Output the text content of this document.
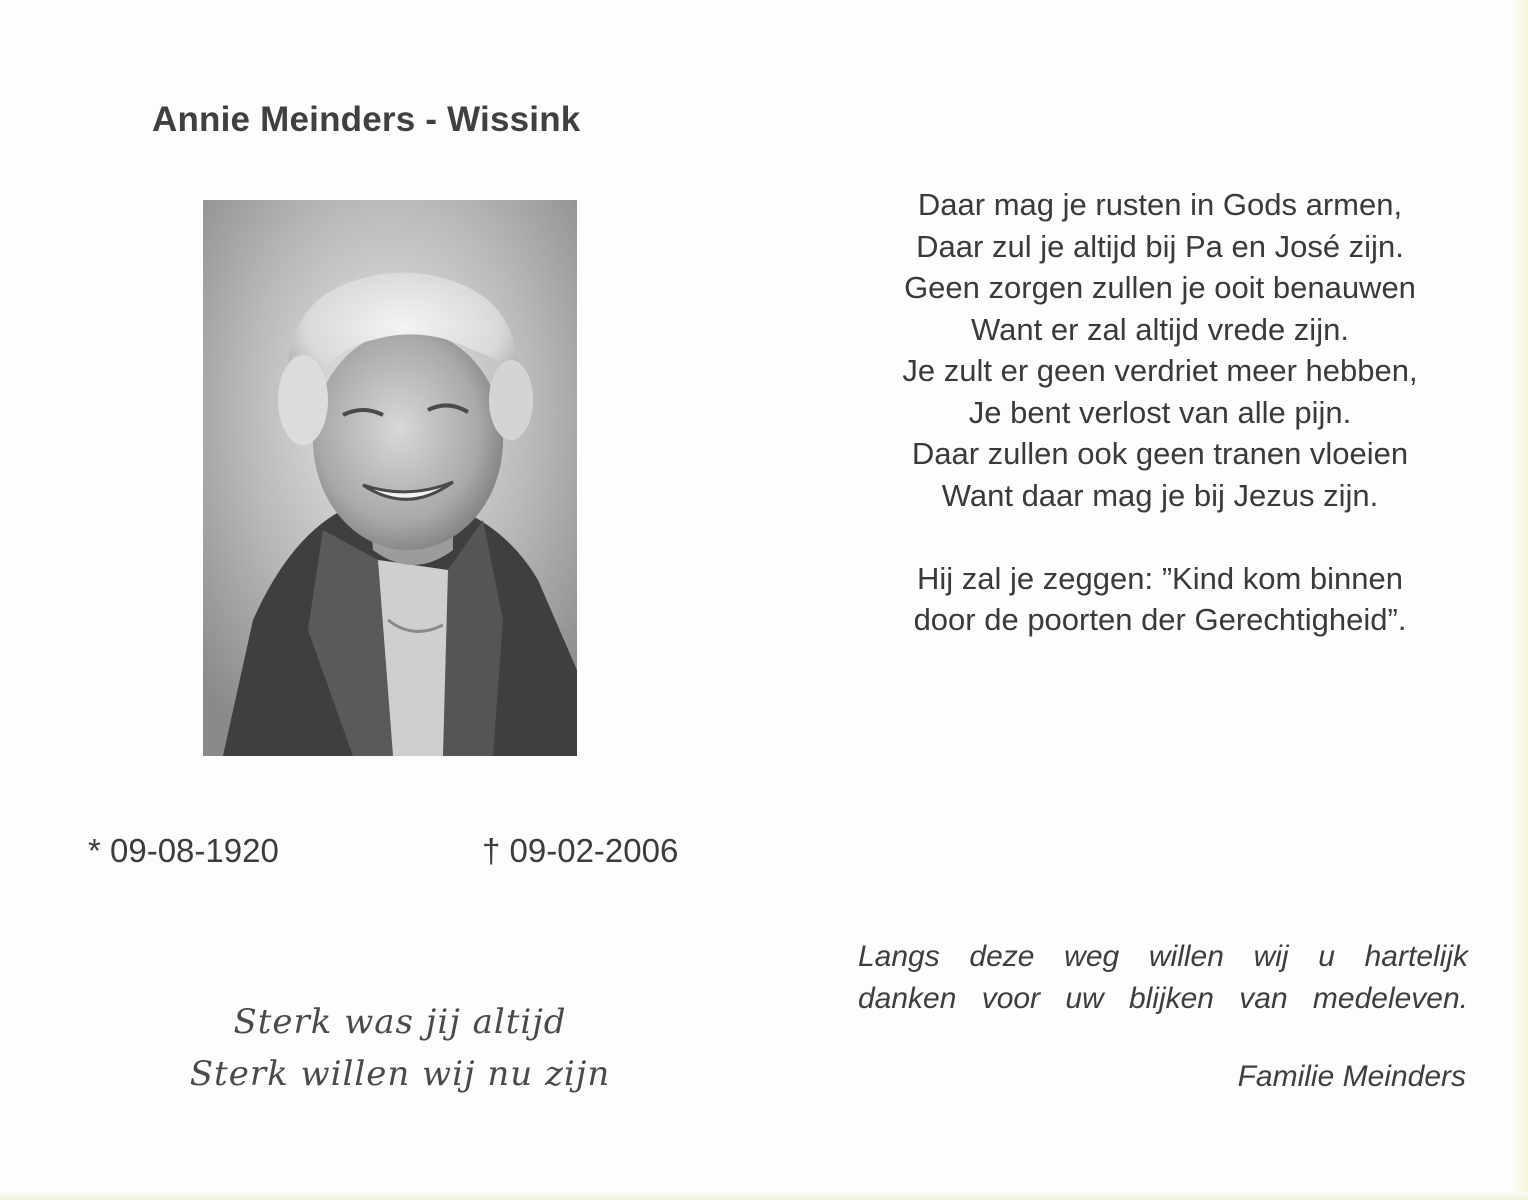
Annie Meinders - Wissink
* 09-08-1920	† 09-02-2006
Sterk was jij altijd
Sterk willen wij nu zijn
Daar mag je rusten in Gods armen,
Daar zul je altijd bij Pa en José zijn.
Geen zorgen zullen je ooit benauwen
Want er zal altijd vrede zijn.
Je zult er geen verdriet meer hebben,
Je bent verlost van alle pijn.
Daar zullen ook geen tranen vloeien
Want daar mag je bij Jezus zijn.
Hij zal je zeggen: ”Kind kom binnen
door de poorten der Gerechtigheid”.
Langs deze weg willen wij u hartelijk
danken voor uw blijken van medeleven.
Familie Meinders
